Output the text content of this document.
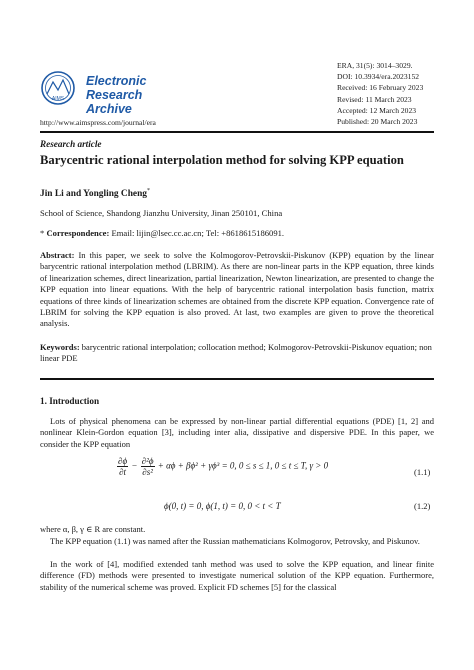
AIMS
Electronic
Research Archive
http://www.aimspress.com/journal/era
ERA, 31(5): 3014–3029.
DOI: 10.3934/era.2023152
Received: 16 February 2023
Revised: 11 March 2023
Accepted: 12 March 2023
Published: 20 March 2023
Research article
Barycentric rational interpolation method for solving KPP equation
Jin Li and Yongling Cheng*
School of Science, Shandong Jianzhu University, Jinan 250101, China
* Correspondence: Email: lijin@lsec.cc.ac.cn; Tel: +8618615186091.
Abstract: In this paper, we seek to solve the Kolmogorov-Petrovskii-Piskunov (KPP) equation by the linear barycentric rational interpolation method (LBRIM). As there are non-linear parts in the KPP equation, three kinds of linearization schemes, direct linearization, partial linearization, Newton linearization, are presented to change the KPP equation into linear equations. With the help of barycentric rational interpolation basis function, matrix equations of three kinds of linearization schemes are obtained from the discrete KPP equation. Convergence rate of LBRIM for solving the KPP equation is also proved. At last, two examples are given to prove the theoretical analysis.
Keywords: barycentric rational interpolation; collocation method; Kolmogorov-Petrovskii-Piskunov equation; non linear PDE
1. Introduction
Lots of physical phenomena can be expressed by non-linear partial differential equations (PDE) [1, 2] and nonlinear Klein-Gordon equation [3], including inter alia, dissipative and dispersive PDE. In this paper, we consider the KPP equation
$\frac{\partial\phi}{\partial t} - \frac{\text{∂²ϕ}}{\text{∂s²}} + \alpha\phi + \beta\phi^2 + \gamma\phi^3 = 0$, 0 ≤ s ≤ 1, 0 ≤ t ≤ T, γ > 0
(1.1)
ϕ(0, t) = 0, ϕ(1, t) = 0, 0 < t < T	(1.2)
where α, β, γ ∈ R are constant.
The KPP equation (1.1) was named after the Russian mathematicians Kolmogorov, Petrovsky, and Piskunov.
In the work of [4], modified extended tanh method was used to solve the KPP equation, and linear finite difference (FD) methods were presented to investigate numerical solution of the KPP equation. Furthermore, stability of the numerical scheme was proved. Explicit FD schemes [5] for the classical
